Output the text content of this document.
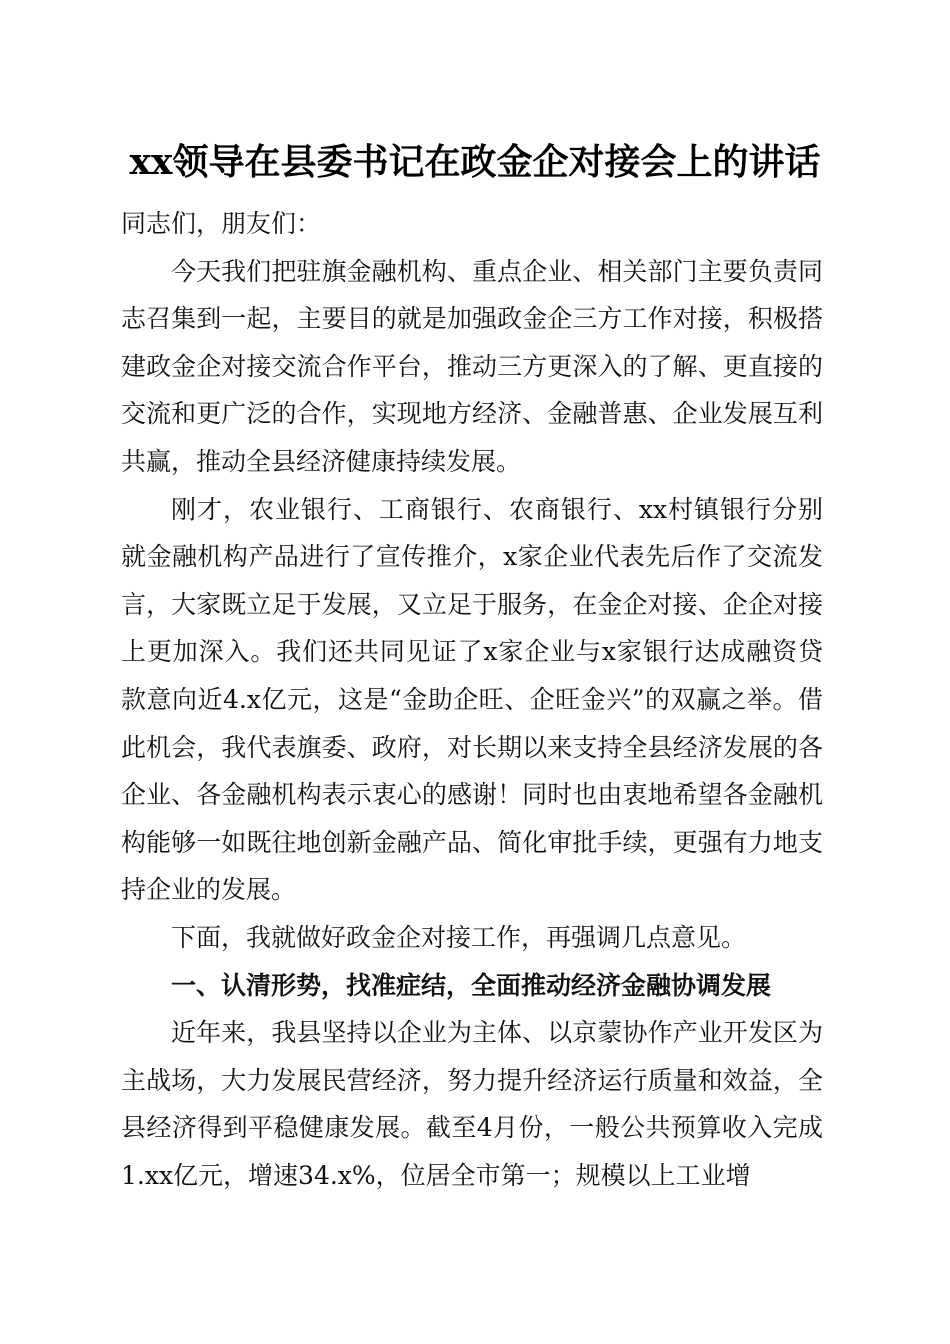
xx领导在县委书记在政金企对接会上的讲话

同志们，朋友们：

今天我们把驻旗金融机构、重点企业、相关部门主要负责同志召集到一起，主要目的就是加强政金企三方工作对接，积极搭建政金企对接交流合作平台，推动三方更深入的了解、更直接的交流和更广泛的合作，实现地方经济、金融普惠、企业发展互利共赢，推动全县经济健康持续发展。

刚才，农业银行、工商银行、农商银行、xx村镇银行分别就金融机构产品进行了宣传推介，x家企业代表先后作了交流发言，大家既立足于发展，又立足于服务，在金企对接、企企对接上更加深入。我们还共同见证了x家企业与x家银行达成融资贷款意向近4.x亿元，这是“金助企旺、企旺金兴”的双赢之举。借此机会，我代表旗委、政府，对长期以来支持全县经济发展的各企业、各金融机构表示衷心的感谢！同时也由衷地希望各金融机构能够一如既往地创新金融产品、简化审批手续，更强有力地支持企业的发展。

下面，我就做好政金企对接工作，再强调几点意见。

一、认清形势，找准症结，全面推动经济金融协调发展

近年来，我县坚持以企业为主体、以京蒙协作产业开发区为主战场，大力发展民营经济，努力提升经济运行质量和效益，全县经济得到平稳健康发展。截至4月份，一般公共预算收入完成1.xx亿元，增速34.x%，位居全市第一；规模以上工业增
